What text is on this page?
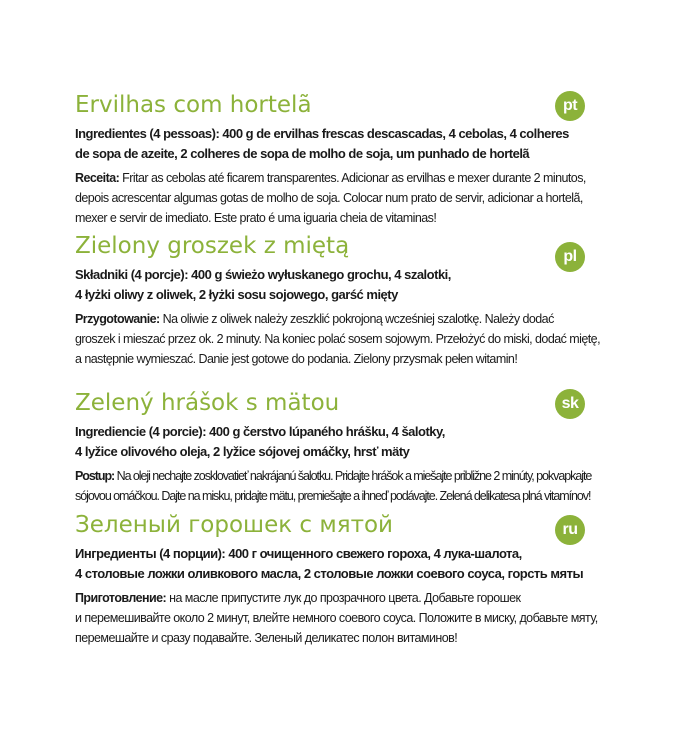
Ervilhas com hortelã

Ingredientes (4 pessoas): 400 g de ervilhas frescas descascadas, 4 cebolas, 4 colheres
de sopa de azeite, 2 colheres de sopa de molho de soja, um punhado de hortelã

Receita: Fritar as cebolas até ficarem transparentes. Adicionar as ervilhas e mexer durante 2 minutos,
depois acrescentar algumas gotas de molho de soja. Colocar num prato de servir, adicionar a hortelã,
mexer e servir de imediato. Este prato é uma iguaria cheia de vitaminas!

pt
Zielony groszek z miętą

Składniki (4 porcje): 400 g świeżo wyłuskanego grochu, 4 szalotki,
4 łyżki oliwy z oliwek, 2 łyżki sosu sojowego, garść mięty

Przygotowanie: Na oliwie z oliwek należy zeszklić pokrojoną wcześniej szalotkę. Należy dodać
groszek i mieszać przez ok. 2 minuty. Na koniec polać sosem sojowym. Przełożyć do miski, dodać miętę,
a następnie wymieszać. Danie jest gotowe do podania. Zielony przysmak pełen witamin!

pl
Zelený hrášok s mätou

Ingrediencie (4 porcie): 400 g čerstvo lúpaného hrášku, 4 šalotky,
4 lyžice olivového oleja, 2 lyžice sójovej omáčky, hrsť mäty

Postup: Na oleji nechajte zosklovatieť nakrájanú šalotku. Pridajte hrášok a miešajte približne 2 minúty, pokvapkajte
sójovou omáčkou. Dajte na misku, pridajte mätu, premiešajte a ihneď podávajte. Zelená delikatesa plná vitamínov!

sk
Зеленый горошек с мятой

Ингредиенты (4 порции): 400 г очищенного свежего гороха, 4 лука-шалота,
4 столовые ложки оливкового масла, 2 столовые ложки соевого соуса, горсть мяты

Приготовление: на масле припустите лук до прозрачного цвета. Добавьте горошек
и перемешивайте около 2 минут, влейте немного соевого соуса. Положите в миску, добавьте мяту,
перемешайте и сразу подавайте. Зеленый деликатес полон витаминов!

ru
